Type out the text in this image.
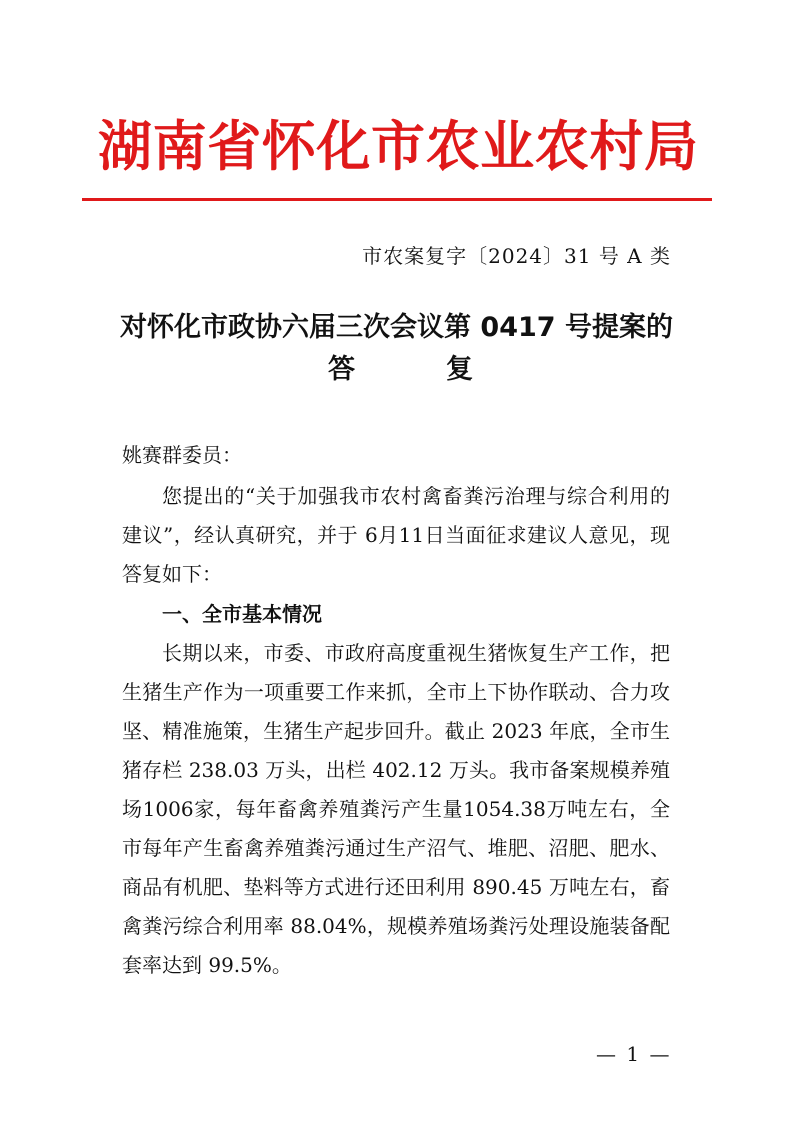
湖 南 省 怀 化 市 农 业 农 村 局
市农案复字〔2024〕31 号 A 类
对怀化市政协六届三次会议第 0417 号提案的
答	复
姚赛群委员：

您提出的“关于加强我市农村禽畜粪污治理与综合利用的建议”，经认真研究，并于 6月11日当面征求建议人意见，现答复如下：

一、全市基本情况

长期以来，市委、市政府高度重视生猪恢复生产工作，把生猪生产作为一项重要工作来抓，全市上下协作联动、合力攻坚、精准施策，生猪生产起步回升。截止 2023 年底，全市生猪存栏 238.03 万头，出栏 402.12 万头。我市备案规模养殖场1006家，每年畜禽养殖粪污产生量1054.38万吨左右，全市每年产生畜禽养殖粪污通过生产沼气、堆肥、沼肥、肥水、商品有机肥、垫料等方式进行还田利用 890.45 万吨左右，畜禽粪污综合利用率 88.04%，规模养殖场粪污处理设施装备配套率达到 99.5%。

— 1 —
